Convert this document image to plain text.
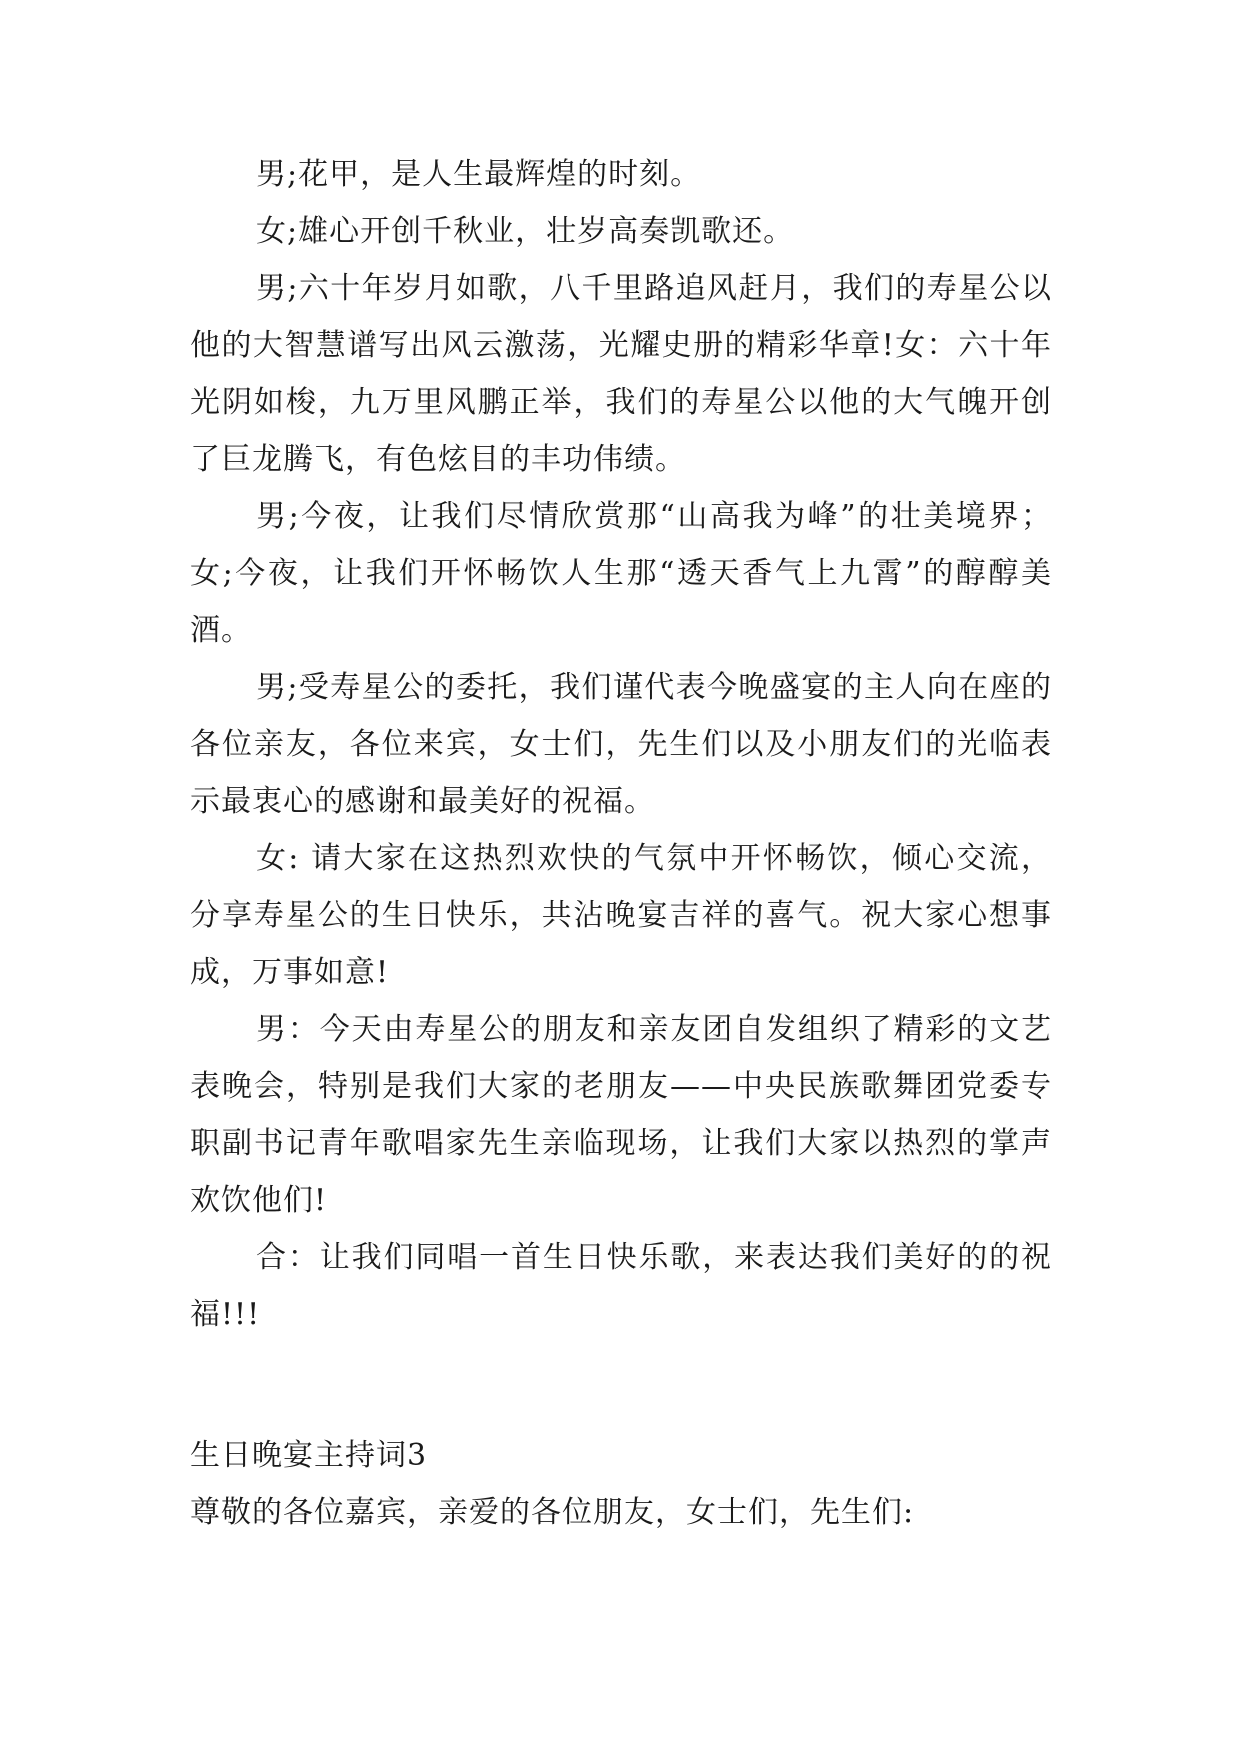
男;花甲，是人生最辉煌的时刻。

女;雄心开创千秋业，壮岁高奏凯歌还。

男;六十年岁月如歌，八千里路追风赶月，我们的寿星公以他的大智慧谱写出风云激荡，光耀史册的精彩华章!女：六十年光阴如梭，九万里风鹏正举，我们的寿星公以他的大气魄开创了巨龙腾飞，有色炫目的丰功伟绩。

男;今夜，让我们尽情欣赏那“山高我为峰”的壮美境界；女;今夜，让我们开怀畅饮人生那“透天香气上九霄”的醇醇美酒。

男;受寿星公的委托，我们谨代表今晚盛宴的主人向在座的各位亲友，各位来宾，女士们，先生们以及小朋友们的光临表示最衷心的感谢和最美好的祝福。

女: 请大家在这热烈欢快的气氛中开怀畅饮，倾心交流，分享寿星公的生日快乐，共沾晚宴吉祥的喜气。祝大家心想事成，万事如意!

男：今天由寿星公的朋友和亲友团自发组织了精彩的文艺表晚会，特别是我们大家的老朋友——中央民族歌舞团党委专职副书记青年歌唱家先生亲临现场，让我们大家以热烈的掌声欢饮他们!

合：让我们同唱一首生日快乐歌，来表达我们美好的的祝福!!!

生日晚宴主持词3

尊敬的各位嘉宾，亲爱的各位朋友，女士们，先生们:
